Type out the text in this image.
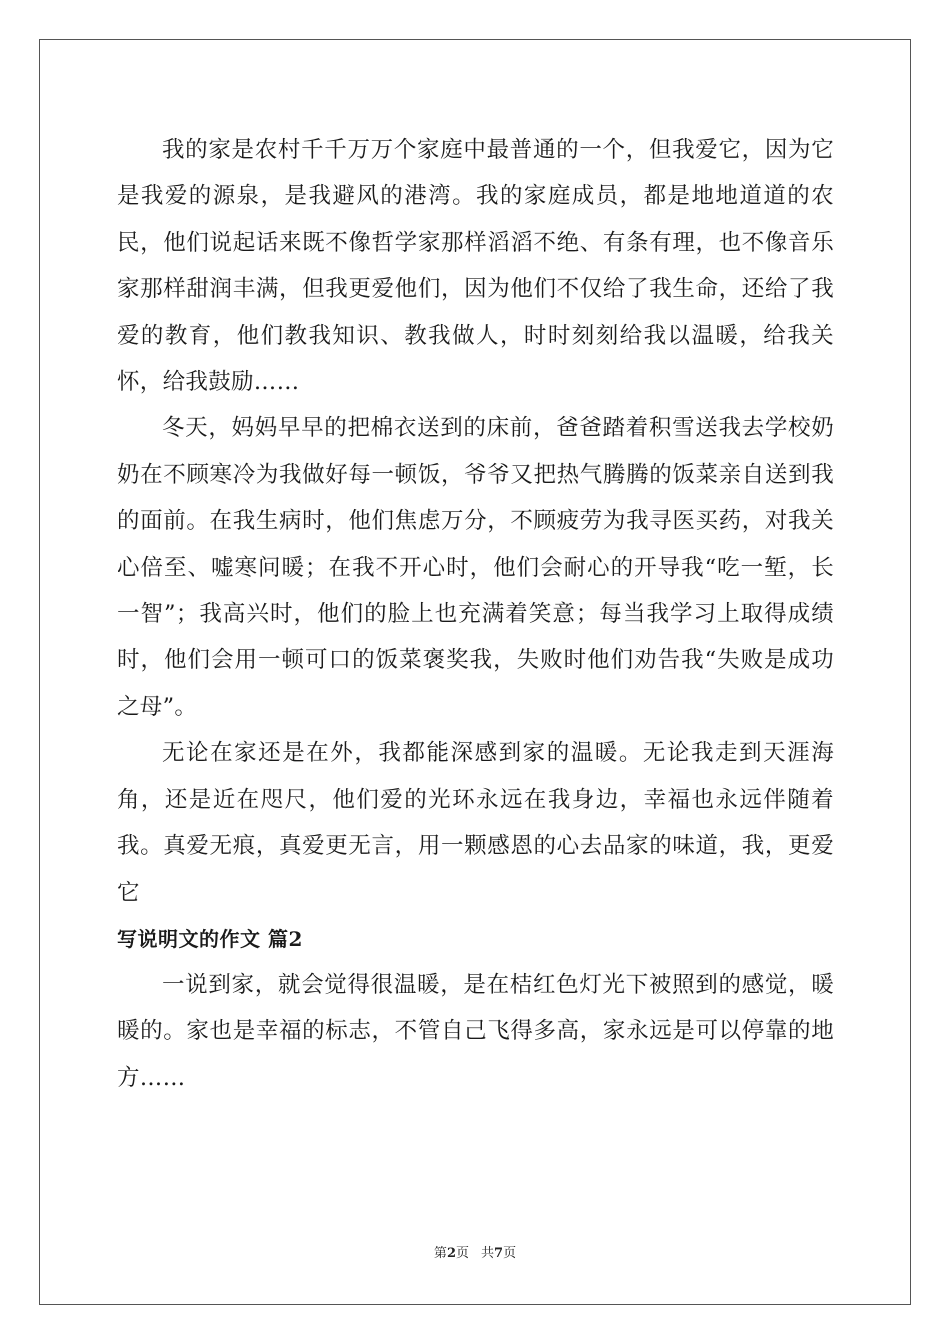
我的家是农村千千万万个家庭中最普通的一个，但我爱它，因为它是我爱的源泉，是我避风的港湾。我的家庭成员，都是地地道道的农民，他们说起话来既不像哲学家那样滔滔不绝、有条有理，也不像音乐家那样甜润丰满，但我更爱他们，因为他们不仅给了我生命，还给了我爱的教育，他们教我知识、教我做人，时时刻刻给我以温暖，给我关怀，给我鼓励……

冬天，妈妈早早的把棉衣送到的床前，爸爸踏着积雪送我去学校奶奶在不顾寒冷为我做好每一顿饭，爷爷又把热气腾腾的饭菜亲自送到我的面前。在我生病时，他们焦虑万分，不顾疲劳为我寻医买药，对我关心倍至、嘘寒问暖；在我不开心时，他们会耐心的开导我“吃一堑，长一智”；我高兴时，他们的脸上也充满着笑意；每当我学习上取得成绩时，他们会用一顿可口的饭菜褒奖我，失败时他们劝告我“失败是成功之母”。

无论在家还是在外，我都能深感到家的温暖。无论我走到天涯海角，还是近在咫尺，他们爱的光环永远在我身边，幸福也永远伴随着我。真爱无痕，真爱更无言，用一颗感恩的心去品家的味道，我，更爱它

写说明文的作文 篇2

一说到家，就会觉得很温暖，是在桔红色灯光下被照到的感觉，暖暖的。家也是幸福的标志，不管自己飞得多高，家永远是可以停靠的地方……

第2页 共7页
